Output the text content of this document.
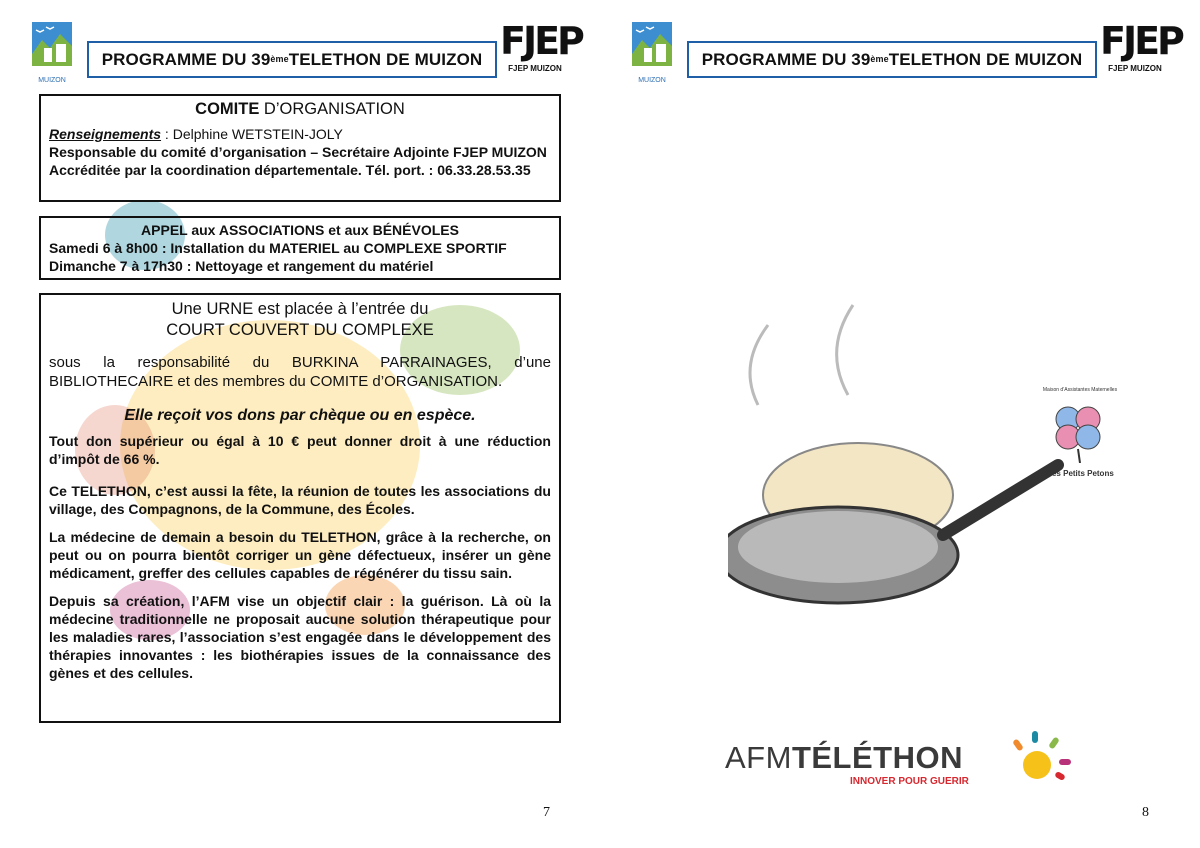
MUIZON
PROGRAMME DU 39ème TELETHON DE MUIZON FJEP
FJEP MUIZON
COMITE D’ORGANISATION
Renseignements : Delphine WETSTEIN-JOLY
Responsable du comité d’organisation – Secrétaire Adjointe FJEP MUIZON
Accréditée par la coordination départementale. Tél. port. : 06.33.28.53.35
APPEL aux ASSOCIATIONS et aux BÉNÉVOLES
Samedi 6 à 8h00 : Installation du MATERIEL au COMPLEXE SPORTIF
Dimanche 7 à 17h30 : Nettoyage et rangement du matériel
Une URNE est placée à l’entrée du
COURT COUVERT DU COMPLEXE

sous la responsabilité du BURKINA PARRAINAGES, d’une BIBLIOTHECAIRE et des membres du COMITE d’ORGANISATION.

Elle reçoit vos dons par chèque ou en espèce.

Tout don supérieur ou égal à 10 € peut donner droit à une réduction d’impôt de 66 %.

Ce TELETHON, c’est aussi la fête, la réunion de toutes les associations du village, des Compagnons, de la Commune, des Écoles.

La médecine de demain a besoin du TELETHON, grâce à la recherche, on peut ou on pourra bientôt corriger un gène défectueux, insérer un gène médicament, greffer des cellules capables de régénérer du tissu sain.

Depuis sa création, l’AFM vise un objectif clair : la guérison. Là où la médecine traditionnelle ne proposait aucune solution thérapeutique pour les maladies rares, l’association s’est engagée dans le développement des thérapies innovantes : les biothérapies issues de la connaissance des gènes et des cellules.

7
MUIZON
PROGRAMME DU 39ème TELETHON DE MUIZON FJEP
FJEP MUIZON

Maison d’Assistantes Maternelles
Des Petits Petons
AFMTÉLÉTHON
INNOVER POUR GUERIR
8
